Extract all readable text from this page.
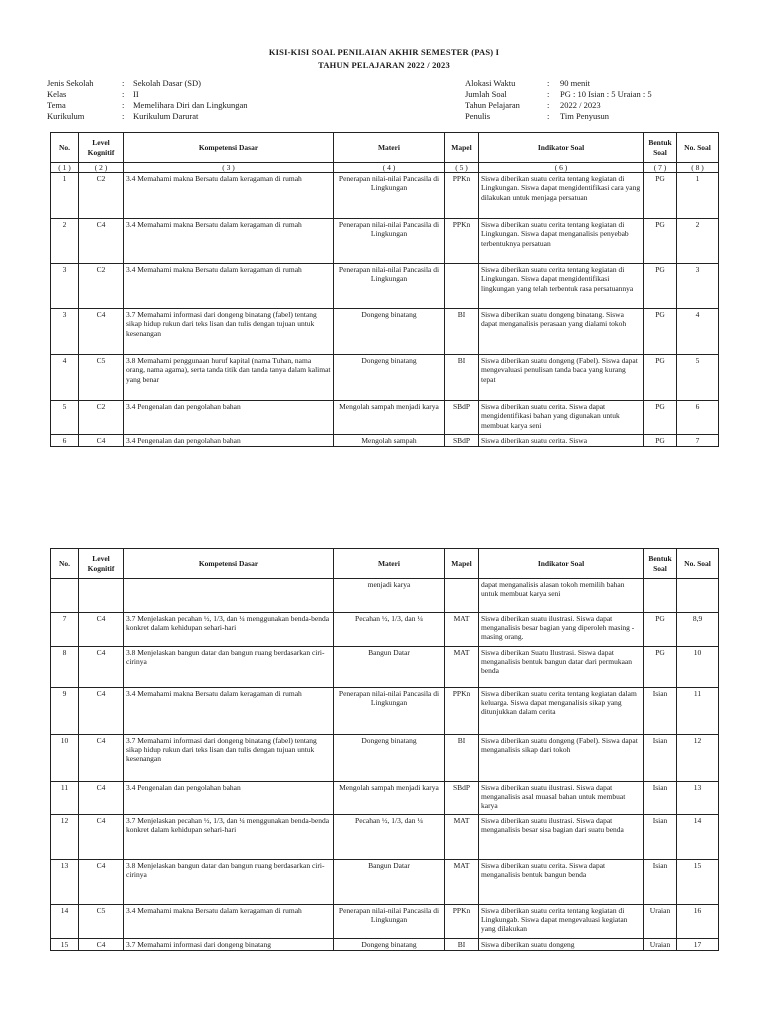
KISI-KISI SOAL PENILAIAN AKHIR SEMESTER (PAS) I
TAHUN PELAJARAN 2022 / 2023
Jenis Sekolah	:	Sekolah Dasar (SD)
Kelas	:	II
Tema	:	Memelihara Diri dan Lingkungan
Kurikulum	:	Kurikulum Darurat
Alokasi Waktu	:	90 menit
Jumlah Soal	:	PG : 10 Isian : 5 Uraian : 5
Tahun Pelajaran	:	2022 / 2023
Penulis	:	Tim Penyusun
No.	Level Kognitif	Kompetensi Dasar	Materi	Mapel	Indikator Soal	Bentuk Soal	No. Soal
( 1 )	( 2 )	( 3 )	( 4 )	( 5 )	( 6 )	( 7 )	( 8 )
1	C2	3.4 Memahami makna Bersatu dalam keragaman di rumah	Penerapan nilai-nilai Pancasila di Lingkungan	PPKn	Siswa diberikan suatu cerita tentang kegiatan di Lingkungan. Siswa dapat mengidentifikasi cara yang dilakukan untuk menjaga persatuan	PG	1
2	C4	3.4 Memahami makna Bersatu dalam keragaman di rumah	Penerapan nilai-nilai Pancasila di Lingkungan	PPKn	Siswa diberikan suatu cerita tentang kegiatan di Lingkungan. Siswa dapat menganalisis penyebab terbentuknya persatuan	PG	2
3	C2	3.4 Memahami makna Bersatu dalam keragaman di rumah	Penerapan nilai-nilai Pancasila di Lingkungan		Siswa diberikan suatu cerita tentang kegiatan di Lingkungan. Siswa dapat mengidentifikasi lingkungan yang telah terbentuk rasa persatuannya	PG	3
3	C4	3.7 Memahami informasi dari dongeng binatang (fabel) tentang sikap hidup rukun dari teks lisan dan tulis dengan tujuan untuk kesenangan	Dongeng binatang	BI	Siswa diberikan suatu dongeng binatang. Siswa dapat menganalisis perasaan yang dialami tokoh	PG	4
4	C5	3.8 Memahami penggunaan huruf kapital (nama Tuhan, nama orang, nama agama), serta tanda titik dan tanda tanya dalam kalimat yang benar	Dongeng binatang	BI	Siswa diberikan suatu dongeng (Fabel). Siswa dapat mengevaluasi penulisan tanda baca yang kurang tepat	PG	5
5	C2	3.4 Pengenalan dan pengolahan bahan	Mengolah sampah menjadi karya	SBdP	Siswa diberikan suatu cerita. Siswa dapat mengidentifikasi bahan yang digunakan untuk membuat karya seni	PG	6
6	C4	3.4 Pengenalan dan pengolahan bahan	Mengolah sampah	SBdP	Siswa diberikan suatu cerita. Siswa	PG	7
No.	Level Kognitif	Kompetensi Dasar	Materi	Mapel	Indikator Soal	Bentuk Soal	No. Soal
			menjadi karya		dapat menganalisis alasan tokoh memilih bahan untuk membuat karya seni		
7	C4	3.7 Menjelaskan pecahan ½, 1/3, dan ¼ menggunakan benda-benda konkret dalam kehidupan sehari-hari	Pecahan ½, 1/3, dan ¼	MAT	Siswa diberikan suatu ilustrasi. Siswa dapat menganalisis besar bagian yang diperoleh masing -masing orang.	PG	8,9
8	C4	3.8 Menjelaskan bangun datar dan bangun ruang berdasarkan ciri-cirinya	Bangun Datar	MAT	Siswa diberikan Suatu Ilustrasi. Siswa dapat menganalisis bentuk bangun datar dari permukaan benda	PG	10
9	C4	3.4 Memahami makna Bersatu dalam keragaman di rumah	Penerapan nilai-nilai Pancasila di Lingkungan	PPKn	Siswa diberikan suatu cerita tentang kegiatan dalam keluarga. Siswa dapat menganalisis sikap yang ditunjukkan dalam cerita	Isian	11
10	C4	3.7 Memahami informasi dari dongeng binatang (fabel) tentang sikap hidup rukun dari teks lisan dan tulis dengan tujuan untuk kesenangan	Dongeng binatang	BI	Siswa diberikan suatu dongeng (Fabel). Siswa dapat menganalisis sikap dari tokoh	Isian	12
11	C4	3.4 Pengenalan dan pengolahan bahan	Mengolah sampah menjadi karya	SBdP	Siswa diberikan suatu ilustrasi. Siswa dapat menganalisis asal muasal bahan untuk membuat karya	Isian	13
12	C4	3.7 Menjelaskan pecahan ½, 1/3, dan ¼ menggunakan benda-benda konkret dalam kehidupan sehari-hari	Pecahan ½, 1/3, dan ¼	MAT	Siswa diberikan suatu ilustrasi. Siswa dapat menganalisis besar sisa bagian dari suatu benda	Isian	14
13	C4	3.8 Menjelaskan bangun datar dan bangun ruang berdasarkan ciri-cirinya	Bangun Datar	MAT	Siswa diberikan suatu cerita. Siswa dapat menganalisis bentuk bangun benda	Isian	15
14	C5	3.4 Memahami makna Bersatu dalam keragaman di rumah	Penerapan nilai-nilai Pancasila di Lingkungan	PPKn	Siswa diberikan suatu cerita tentang kegiatan di Lingkungab. Siswa dapat mengevaluasi kegiatan yang dilakukan	Uraian	16
15	C4	3.7 Memahami informasi dari dongeng binatang	Dongeng binatang	BI	Siswa diberikan suatu dongeng	Uraian	17
